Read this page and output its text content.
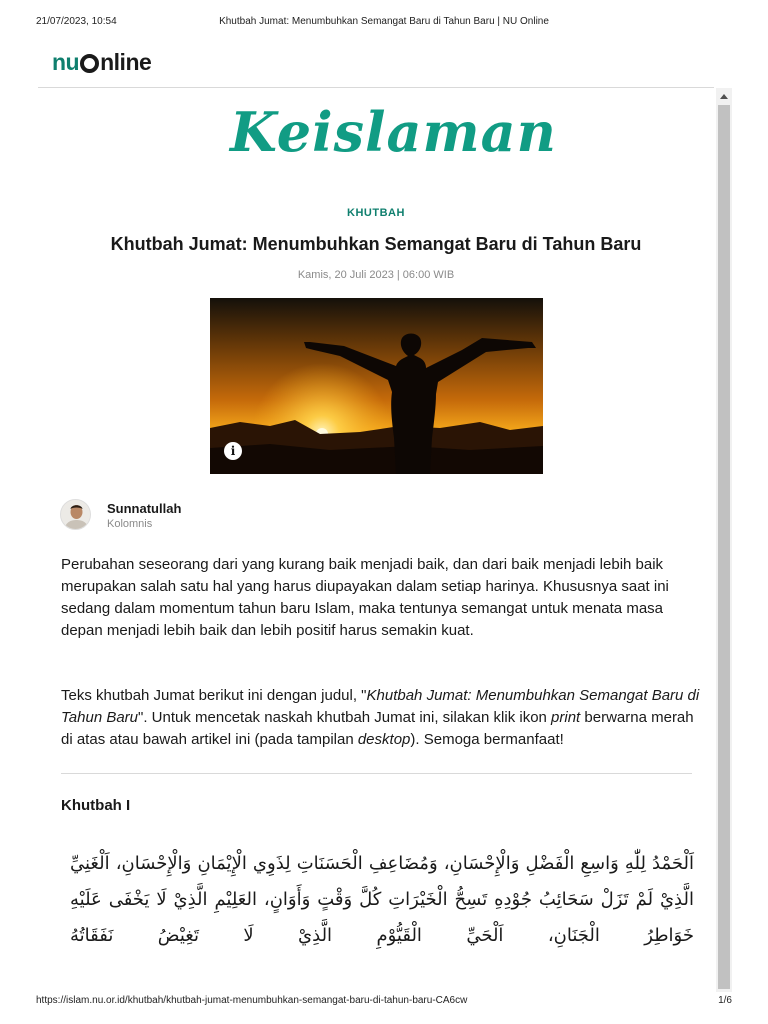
21/07/2023, 10:54	Khutbah Jumat: Menumbuhkan Semangat Baru di Tahun Baru | NU Online
nu nline
Keislaman
KHUTBAH
Khutbah Jumat: Menumbuhkan Semangat Baru di Tahun Baru
Kamis, 20 Juli 2023 | 06:00 WIB
i
Sunnatullah
Kolomnis

Perubahan seseorang dari yang kurang baik menjadi baik, dan dari baik menjadi lebih baik merupakan salah satu hal yang harus diupayakan dalam setiap harinya. Khususnya saat ini sedang dalam momentum tahun baru Islam, maka tentunya semangat untuk menata masa depan menjadi lebih baik dan lebih positif harus semakin kuat.

Teks khutbah Jumat berikut ini dengan judul, "Khutbah Jumat: Menumbuhkan Semangat Baru di Tahun Baru". Untuk mencetak naskah khutbah Jumat ini, silakan klik ikon print berwarna merah di atas atau bawah artikel ini (pada tampilan desktop). Semoga bermanfaat!

Khutbah I

اَلْحَمْدُ لِلّٰهِ وَاسِعِ الْفَضْلِ وَالْإِحْسَانِ، وَمُضَاعِفِ الْحَسَنَاتِ لِذَوِي الْإِيْمَانِ وَالْإِحْسَانِ، اَلْغَنِيِّ الَّذِيْ لَمْ تَزَلْ سَحَائِبُ جُوْدِهِ تَسِحُّ الْخَيْرَاتِ كُلَّ وَقْتٍ وَأَوَانٍ، العَلِيْمِ الَّذِيْ لَا يَخْفَى عَلَيْهِ خَوَاطِرُ الْجَنَانِ، اَلْحَيِّ الْقَيُّوْمِ الَّذِيْ لَا تَغِيْضُ نَفَقَاتُهُ

https://islam.nu.or.id/khutbah/khutbah-jumat-menumbuhkan-semangat-baru-di-tahun-baru-CA6cw	1/6
